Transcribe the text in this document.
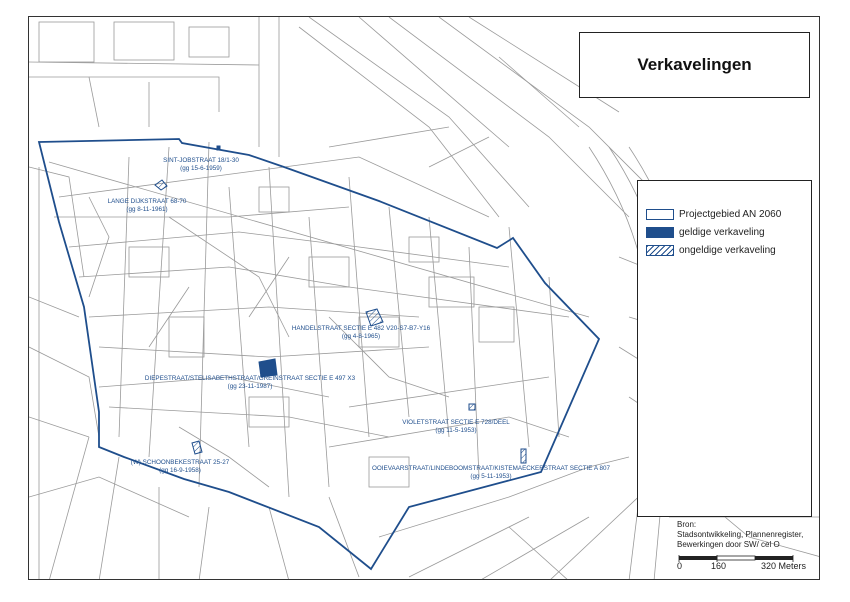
SINT-JOBSTRAAT 18/1-30
(gg 15-6-1959)
LANGE DIJKSTRAAT 68-70
(gg 8-11-1961)
HANDELSTRAAT SECTIE E 482 V20-S7-B7-Y16
(gg 4-8-1965)
DIEPESTRAAT/STELISABETHSTRAAT/GREINSTRAAT SECTIE E 497 X3
(gg 23-11-1987)
VIOLETSTRAAT SECTIE E 728/DEEL
(gg 11-5-1953)
(W) SCHOONBEKESTRAAT 25-27
(gg 16-9-1958)	OOIEVAARSTRAAT/LINDEBOOMSTRAAT/KISTEMAECKERSTRAAT SECTIE A 807
(gg 5-11-1953)
Verkavelingen
Projectgebied AN 2060
geldige verkaveling
ongeldige verkaveling
Bron:
Stadsontwikkeling, Plannenregister,
Bewerkingen door SW/ cel O
0	160	320 Meters
